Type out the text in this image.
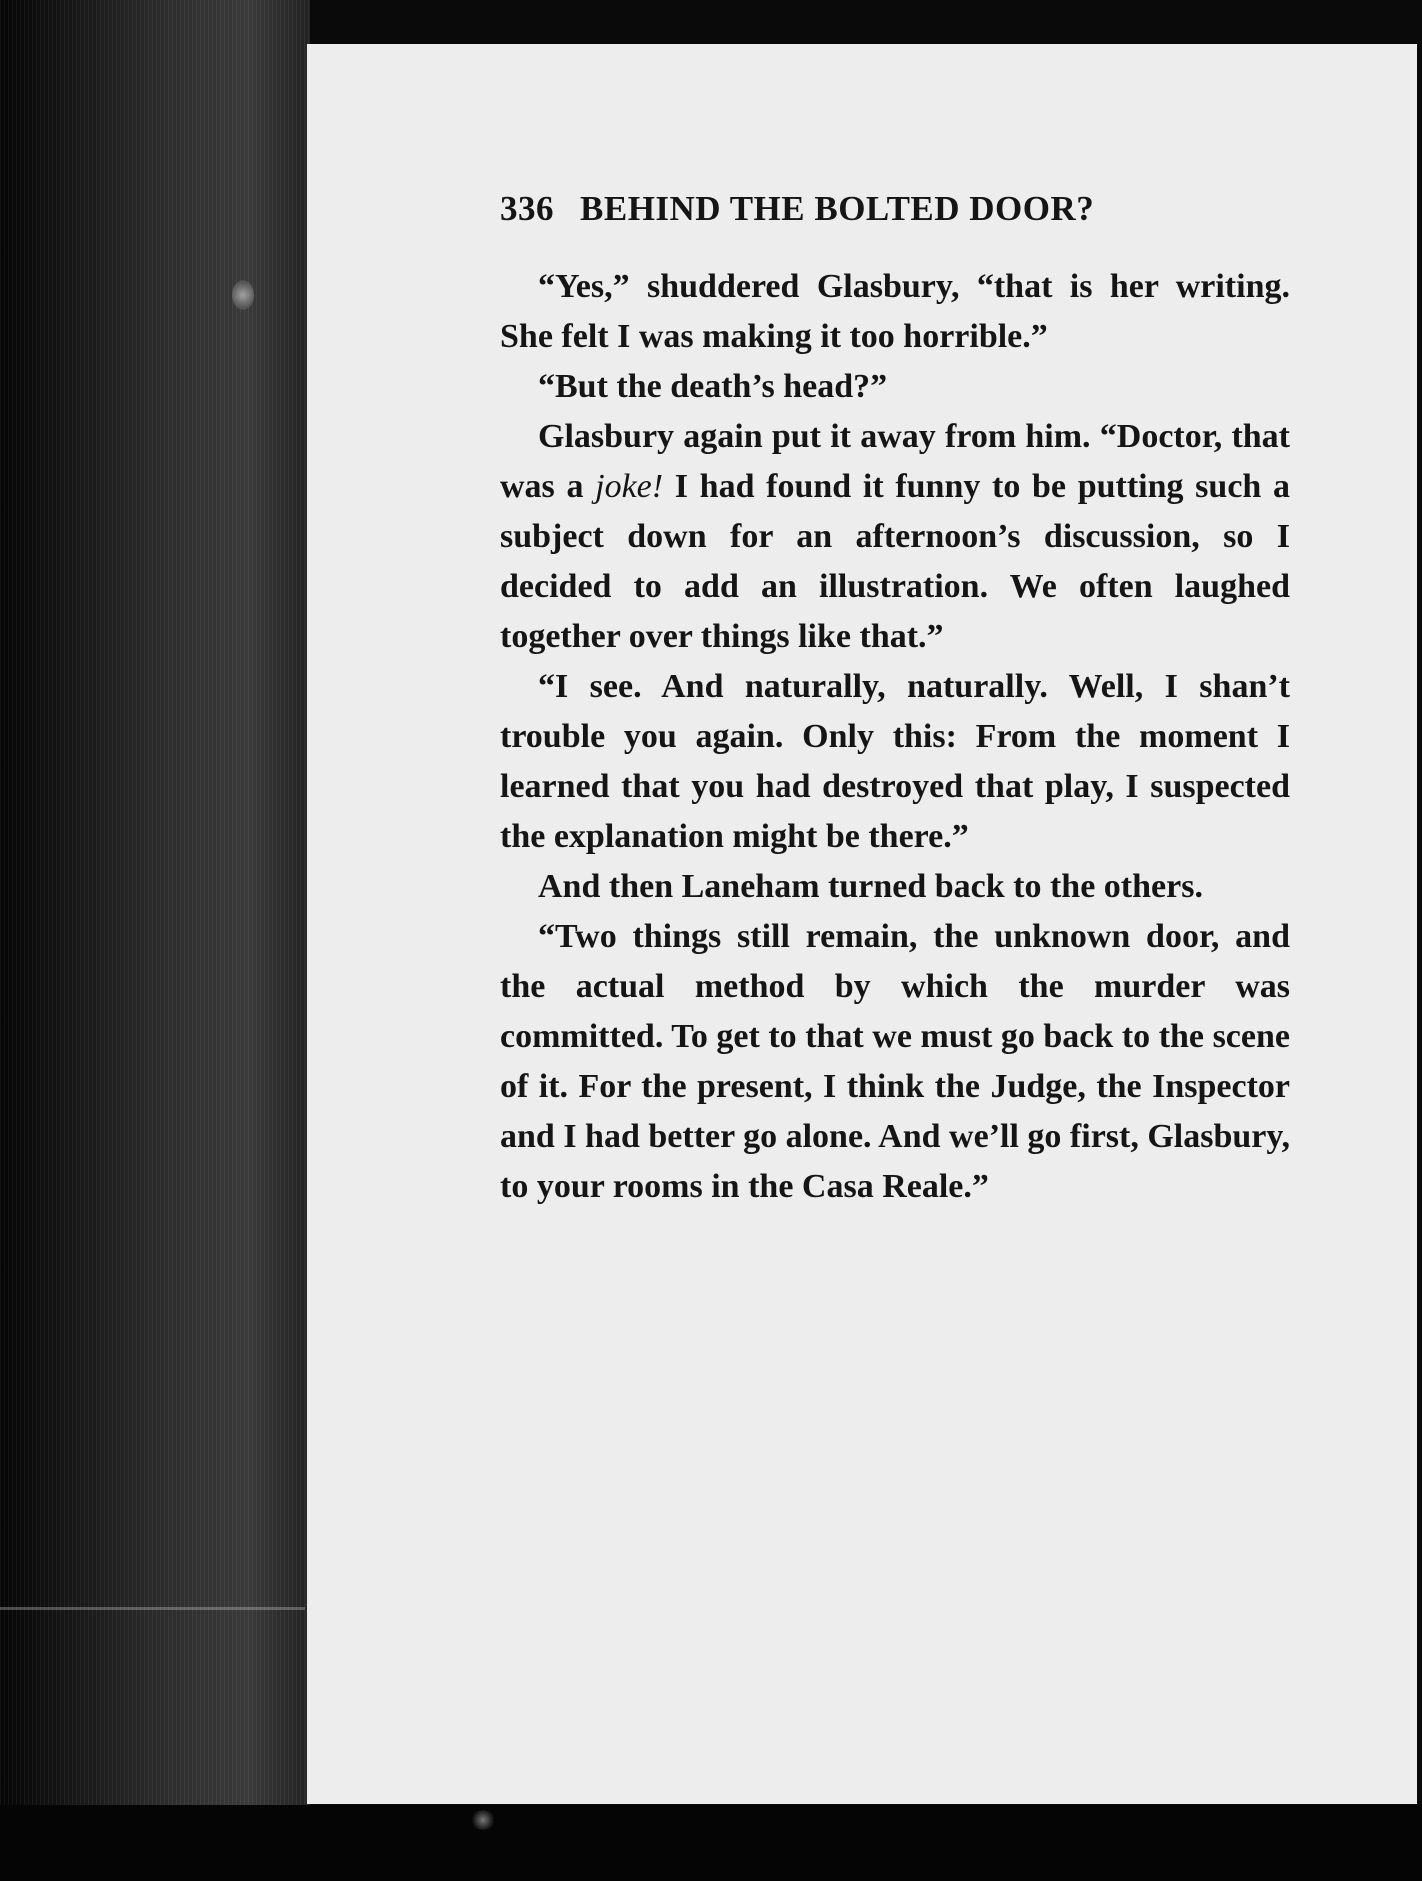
336 BEHIND THE BOLTED DOOR?

“Yes,” shuddered Glasbury, “that is her writing. She felt I was making it too horrible.”

“But the death’s head?”

Glasbury again put it away from him. “Doctor, that was a joke! I had found it funny to be putting such a subject down for an afternoon’s discussion, so I decided to add an illustration. We often laughed together over things like that.”

“I see. And naturally, naturally. Well, I shan’t trouble you again. Only this: From the moment I learned that you had destroyed that play, I suspected the explanation might be there.”

And then Laneham turned back to the others.

“Two things still remain, the unknown door, and the actual method by which the murder was committed. To get to that we must go back to the scene of it. For the present, I think the Judge, the Inspector and I had better go alone. And we’ll go first, Glasbury, to your rooms in the Casa Reale.”
